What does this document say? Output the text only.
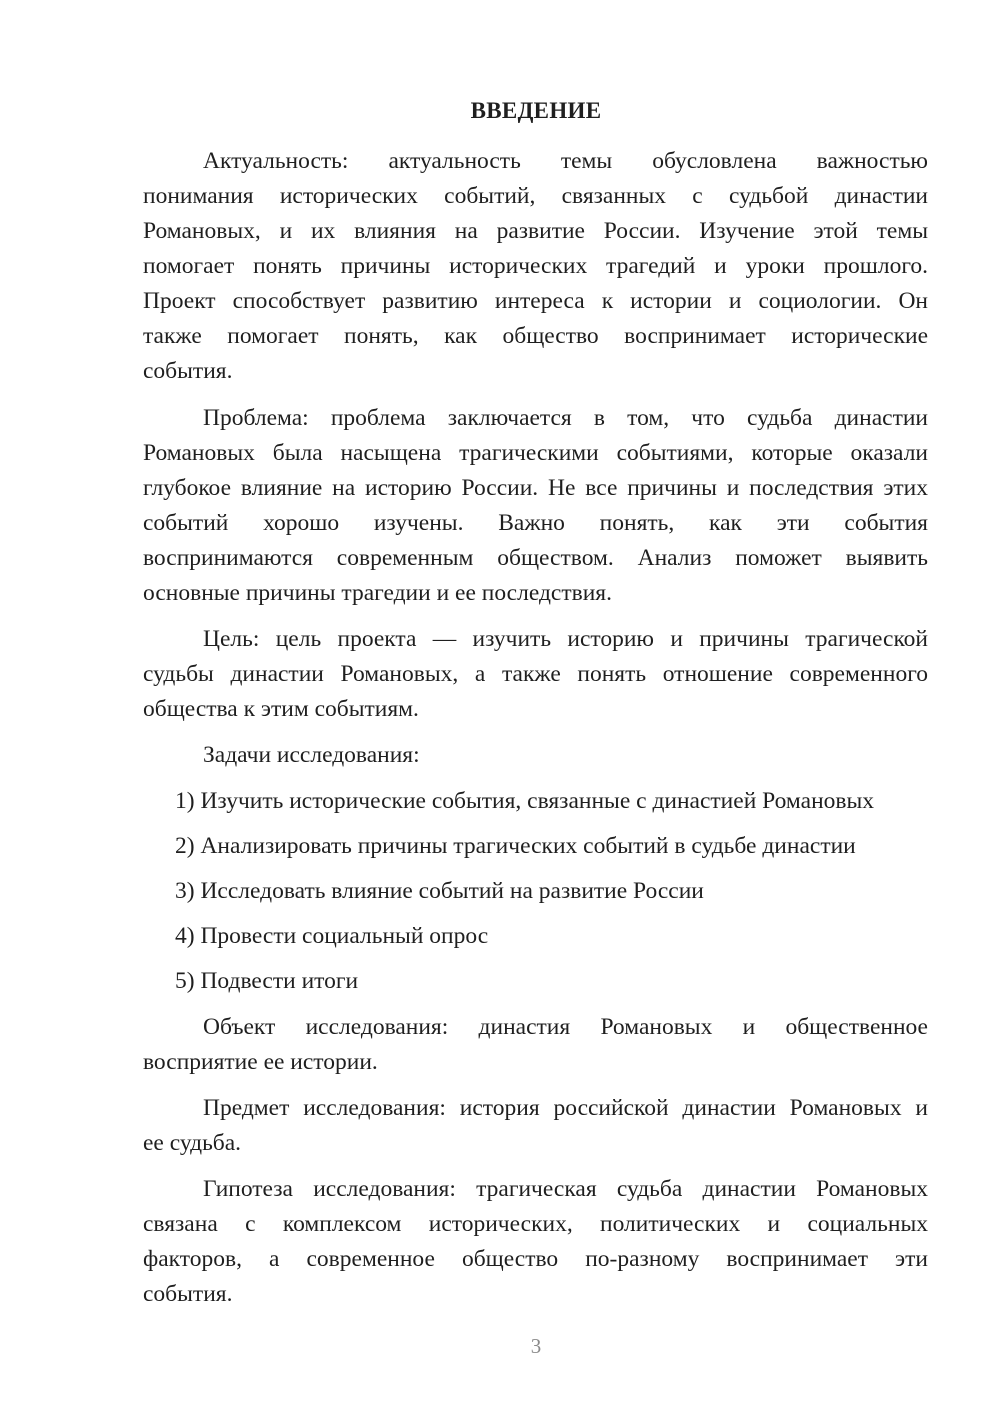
ВВЕДЕНИЕ

Актуальность: актуальность темы обусловлена важностью

понимания исторических событий, связанных с судьбой династии

Романовых, и их влияния на развитие России. Изучение этой темы

помогает понять причины исторических трагедий и уроки прошлого.

Проект способствует развитию интереса к истории и социологии. Он

также помогает понять, как общество воспринимает исторические

события.

Проблема: проблема заключается в том, что судьба династии

Романовых была насыщена трагическими событиями, которые оказали

глубокое влияние на историю России. Не все причины и последствия этих

событий хорошо изучены. Важно понять, как эти события

воспринимаются современным обществом. Анализ поможет выявить

основные причины трагедии и ее последствия.

Цель: цель проекта — изучить историю и причины трагической

судьбы династии Романовых, а также понять отношение современного

общества к этим событиям.

Задачи исследования:

1) Изучить исторические события, связанные с династией Романовых

2) Анализировать причины трагических событий в судьбе династии

3) Исследовать влияние событий на развитие России

4) Провести социальный опрос

5) Подвести итоги

Объект исследования: династия Романовых и общественное

восприятие ее истории.

Предмет исследования: история российской династии Романовых и

ее судьба.

Гипотеза исследования: трагическая судьба династии Романовых

связана с комплексом исторических, политических и социальных

факторов, а современное общество по-разному воспринимает эти

события.

3
